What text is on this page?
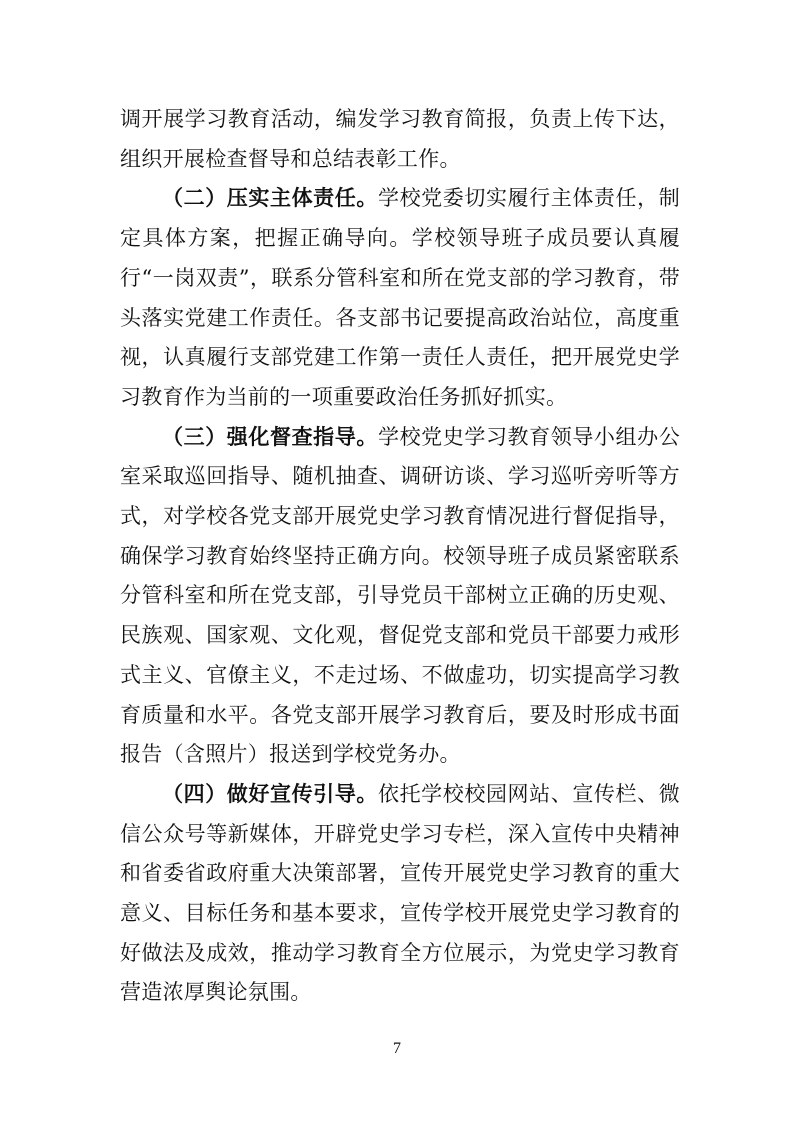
调开展学习教育活动，编发学习教育简报，负责上传下达，组织开展检查督导和总结表彰工作。

（二）压实主体责任。学校党委切实履行主体责任，制定具体方案，把握正确导向。学校领导班子成员要认真履行“一岗双责”，联系分管科室和所在党支部的学习教育，带头落实党建工作责任。各支部书记要提高政治站位，高度重视，认真履行支部党建工作第一责任人责任，把开展党史学习教育作为当前的一项重要政治任务抓好抓实。

（三）强化督查指导。学校党史学习教育领导小组办公室采取巡回指导、随机抽查、调研访谈、学习巡听旁听等方式，对学校各党支部开展党史学习教育情况进行督促指导，确保学习教育始终坚持正确方向。校领导班子成员紧密联系分管科室和所在党支部，引导党员干部树立正确的历史观、民族观、国家观、文化观，督促党支部和党员干部要力戒形式主义、官僚主义，不走过场、不做虚功，切实提高学习教育质量和水平。各党支部开展学习教育后，要及时形成书面报告（含照片）报送到学校党务办。

（四）做好宣传引导。依托学校校园网站、宣传栏、微信公众号等新媒体，开辟党史学习专栏，深入宣传中央精神和省委省政府重大决策部署，宣传开展党史学习教育的重大意义、目标任务和基本要求，宣传学校开展党史学习教育的好做法及成效，推动学习教育全方位展示，为党史学习教育营造浓厚舆论氛围。

7
